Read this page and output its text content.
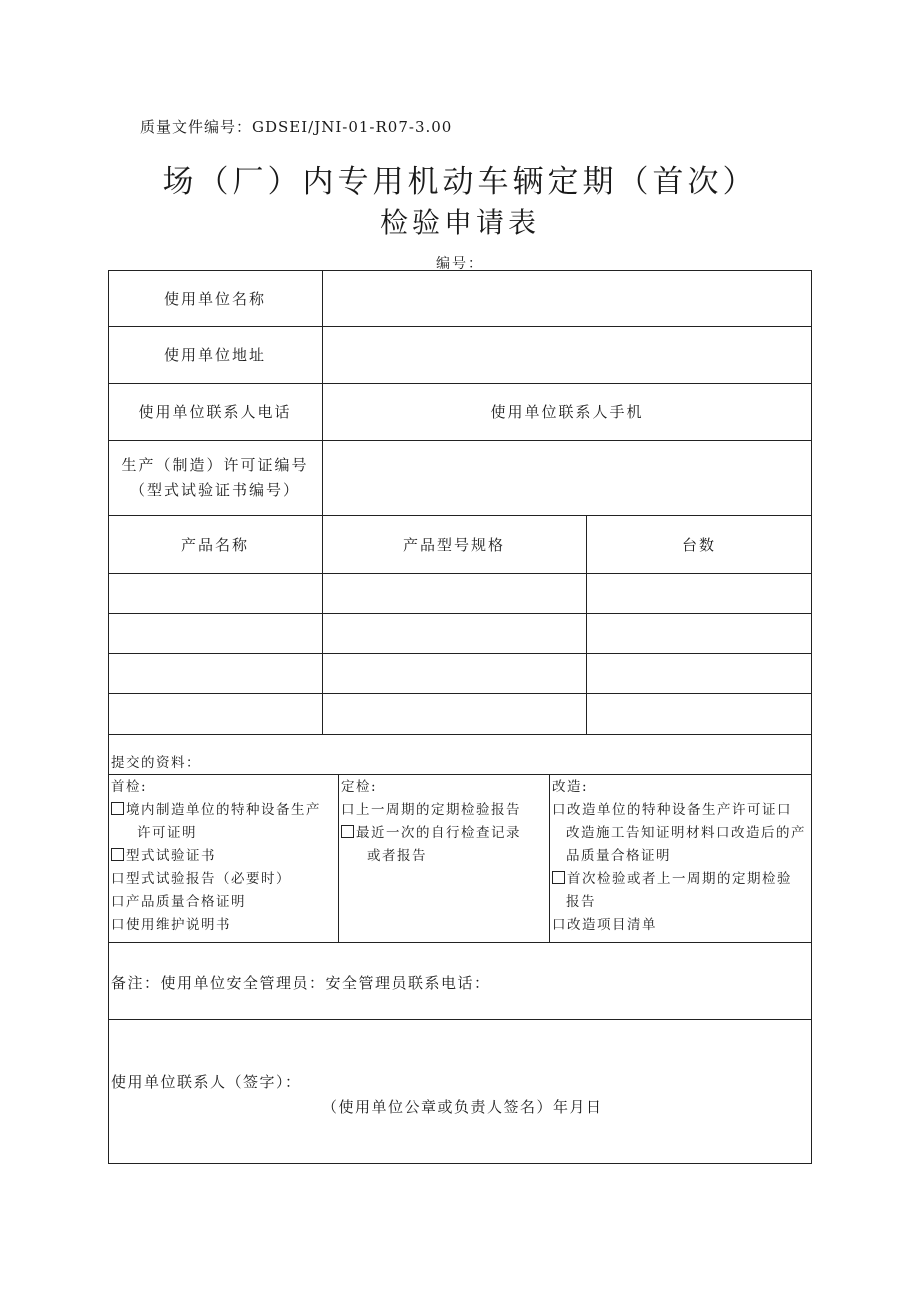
质量文件编号：GDSEI/JNI-01-R07-3.00
场（厂）内专用机动车辆定期（首次）
检验申请表
编号：
使用单位名称
使用单位地址
使用单位联系人电话	使用单位联系人手机
生产（制造）许可证编号
（型式试验证书编号）
产品名称	产品型号规格	台数
提交的资料：
首检:
境内制造单位的特种设备生产
许可证明
型式试验证书
口型式试验报告（必要时）
口产品质量合格证明
口使用维护说明书
定检:
口上一周期的定期检验报告
最近一次的自行检查记录
或者报告
改造:
口改造单位的特种设备生产许可证口
改造施工告知证明材料口改造后的产
品质量合格证明
首次检验或者上一周期的定期检验
报告
口改造项目清单
备注：使用单位安全管理员：安全管理员联系电话：
使用单位联系人（签字）：
（使用单位公章或负责人签名）年月日
